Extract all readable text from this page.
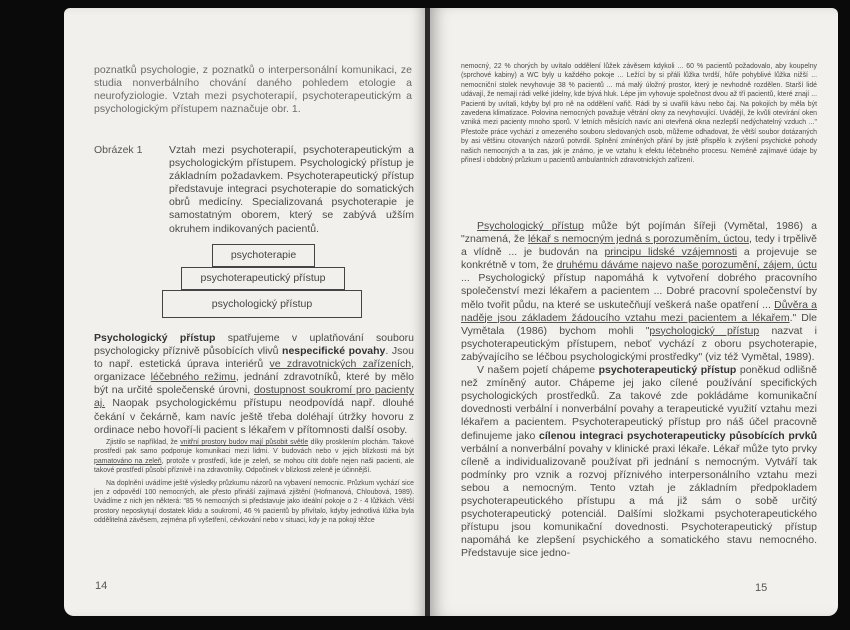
poznatků psychologie, z poznatků o interpersonální komunikaci, ze studia nonverbálního chování daného pohledem etologie a neurofyziologie. Vztah mezi psychoterapií, psychoterapeutickým a psychologickým přístupem naznačuje obr. 1.

Obrázek 1	Vztah mezi psychoterapií, psychoterapeutickým a psychologickým přístupem. Psychologický přístup je základním požadavkem. Psychoterapeutický přístup představuje integraci psychoterapie do somatických obrů medicíny. Specializovaná psychoterapie je samostatným oborem, který se zabývá užším okruhem indikovaných pacientů.

psychoterapie
psychoterapeutický přístup
psychologický přístup

Psychologický přístup spatřujeme v uplatňování souboru psychologicky příznivě působících vlivů nespecifické povahy. Jsou to např. estetická úprava interiérů ve zdravotnických zařízeních, organizace léčebného režimu, jednání zdravotníků, které by mělo být na určité společenské úrovni, dostupnost soukromí pro pacienty aj. Naopak psychologickému přístupu neodpovídá např. dlouhé čekání v čekárně, kam navíc ještě třeba doléhají útržky hovoru z ordinace nebo hovoří-li pacient s lékařem v přítomnosti další osoby.

Zjistilo se například, že vnitřní prostory budov mají působit světle díky prosklením plochám. Takové prostředí pak samo podporuje komunikaci mezi lidmi. V budovách nebo v jejich blízkosti má být pamatováno na zeleň, protože v prostředí, kde je zeleň, se mohou cítit dobře nejen naši pacienti, ale takové prostředí působí příznivě i na zdravotníky. Odpočinek v blízkosti zeleně je účinnější.

Na doplnění uvádíme ještě výsledky průzkumu názorů na vybavení nemocnic. Průzkum vychází sice jen z odpovědí 100 nemocných, ale přesto přináší zajímavá zjištění (Hofmanová, Chloubová, 1989). Uvádíme z nich jen některá: "85 % nemocných si představuje jako ideální pokoje o 2 - 4 lůžkách. Větší prostory neposkytují dostatek klidu a soukromí, 46 % pacientů by přivítalo, kdyby jednotlivá lůžka byla oddělitelná závěsem, zejména při vyšetření, cévkování nebo v situaci, kdy je na pokoji těžce

14

nemocný, 22 % chorých by uvítalo oddělení lůžek závěsem kdykoli ... 60 % pacientů požadovalo, aby koupelny (sprchové kabiny) a WC byly u každého pokoje ... Ležící by si přáli lůžka tvrdší, hůře pohyblivé lůžka nižší ... nemocniční stolek nevyhovuje 38 % pacientů ... má malý úložný prostor, který je nevhodně rozdělen. Starší lidé udávají, že nemají rádi velké jídelny, kde bývá hluk. Lépe jim vyhovuje společnost dvou až tří pacientů, které znají ... Pacienti by uvítali, kdyby byl pro ně na oddělení vařič. Rádi by si uvařili kávu nebo čaj. Na pokojích by měla být zavedena klimatizace. Polovina nemocných považuje větrání okny za nevyhovující. Uvádějí, že kvůli otevírání oken vzniká mezi pacienty mnoho sporů. V letních měsících navíc ani otevřená okna nezlepší nedýchatelný vzduch ..." Přestože práce vychází z omezeného souboru sledovaných osob, můžeme odhadovat, že větší soubor dotázaných by asi většinu citovaných názorů potvrdil. Splnění zmíněných přání by jistě přispělo k zvýšení psychické pohody našich nemocných a ta zas, jak je známo, je ve vztahu k efektu léčebného procesu. Neméně zajímavé údaje by přinesl i obdobný průzkum u pacientů ambulantních zdravotnických zařízení.

Psychologický přístup může být pojímán šířeji (Vymětal, 1986) a "znamená, že lékař s nemocným jedná s porozuměním, úctou, tedy i trpělivě a vlídně ... je budován na principu lidské vzájemnosti a projevuje se konkrétně v tom, že druhému dáváme najevo naše porozumění, zájem, úctu ... Psychologický přístup napomáhá k vytvoření dobrého pracovního společenství mezi lékařem a pacientem ... Dobré pracovní společenství by mělo tvořit půdu, na které se uskutečňují veškerá naše opatření ... Důvěra a naděje jsou základem žádoucího vztahu mezi pacientem a lékařem." Dle Vymětala (1986) bychom mohli "psychologický přístup nazvat i psychoterapeutickým přístupem, neboť vychází z oboru psychoterapie, zabývajícího se léčbou psychologickými prostředky" (viz též Vymětal, 1989).

V našem pojetí chápeme psychoterapeutický přístup poněkud odlišně než zmíněný autor. Chápeme jej jako cílené používání specifických psychologických prostředků. Za takové zde pokládáme komunikační dovednosti verbální i nonverbální povahy a terapeutické využití vztahu mezi lékařem a pacientem. Psychoterapeutický přístup pro náš účel pracovně definujeme jako cílenou integraci psychoterapeuticky působících prvků verbální a nonverbální povahy v klinické praxi lékaře. Lékař může tyto prvky cíleně a individualizovaně používat při jednání s nemocným. Vytváří tak podmínky pro vznik a rozvoj příznivého interpersonálního vztahu mezi sebou a nemocným. Tento vztah je základním předpokladem psychoterapeutického přístupu a má již sám o sobě určitý psychoterapeutický potenciál. Dalšími složkami psychoterapeutického přístupu jsou komunikační dovednosti. Psychoterapeutický přístup napomáhá ke zlepšení psychického a somatického stavu nemocného. Představuje sice jedno-

15
